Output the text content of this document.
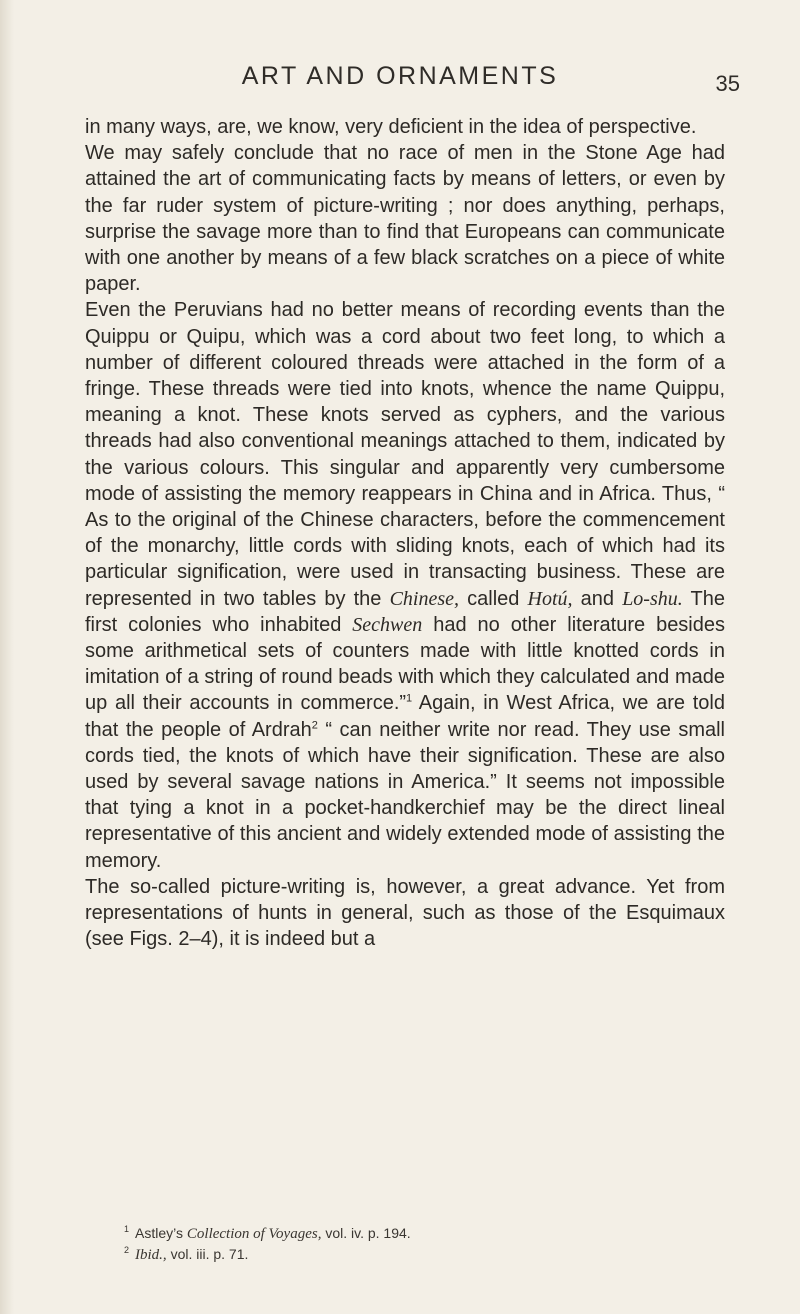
ART AND ORNAMENTS	35

in many ways, are, we know, very deficient in the idea of perspective.

We may safely conclude that no race of men in the Stone Age had attained the art of communicating facts by means of letters, or even by the far ruder system of picture-writing ; nor does anything, perhaps, surprise the savage more than to find that Europeans can communicate with one another by means of a few black scratches on a piece of white paper.

Even the Peruvians had no better means of recording events than the Quippu or Quipu, which was a cord about two feet long, to which a number of different coloured threads were attached in the form of a fringe. These threads were tied into knots, whence the name Quippu, meaning a knot. These knots served as cyphers, and the various threads had also conventional meanings attached to them, indicated by the various colours. This singular and apparently very cumbersome mode of assisting the memory reappears in China and in Africa. Thus, “ As to the original of the Chinese characters, before the commencement of the monarchy, little cords with sliding knots, each of which had its particular signification, were used in transacting business. These are represented in two tables by the Chinese, called Hotú, and Lo-shu. The first colonies who inhabited Sechwen had no other literature besides some arithmetical sets of counters made with little knotted cords in imitation of a string of round beads with which they calculated and made up all their accounts in commerce.”$^1$ Again, in West Africa, we are told that the people of Ardrah$^2$ “ can neither write nor read. They use small cords tied, the knots of which have their signification. These are also used by several savage nations in America.” It seems not impossible that tying a knot in a pocket-handkerchief may be the direct lineal representative of this ancient and widely extended mode of assisting the memory.

The so-called picture-writing is, however, a great advance. Yet from representations of hunts in general, such as those of the Esquimaux (see Figs. 2–4), it is indeed but a

$^1$ Astley’s Collection of Voyages, vol. iv. p. 194.

$^2$ Ibid., vol. iii. p. 71.
